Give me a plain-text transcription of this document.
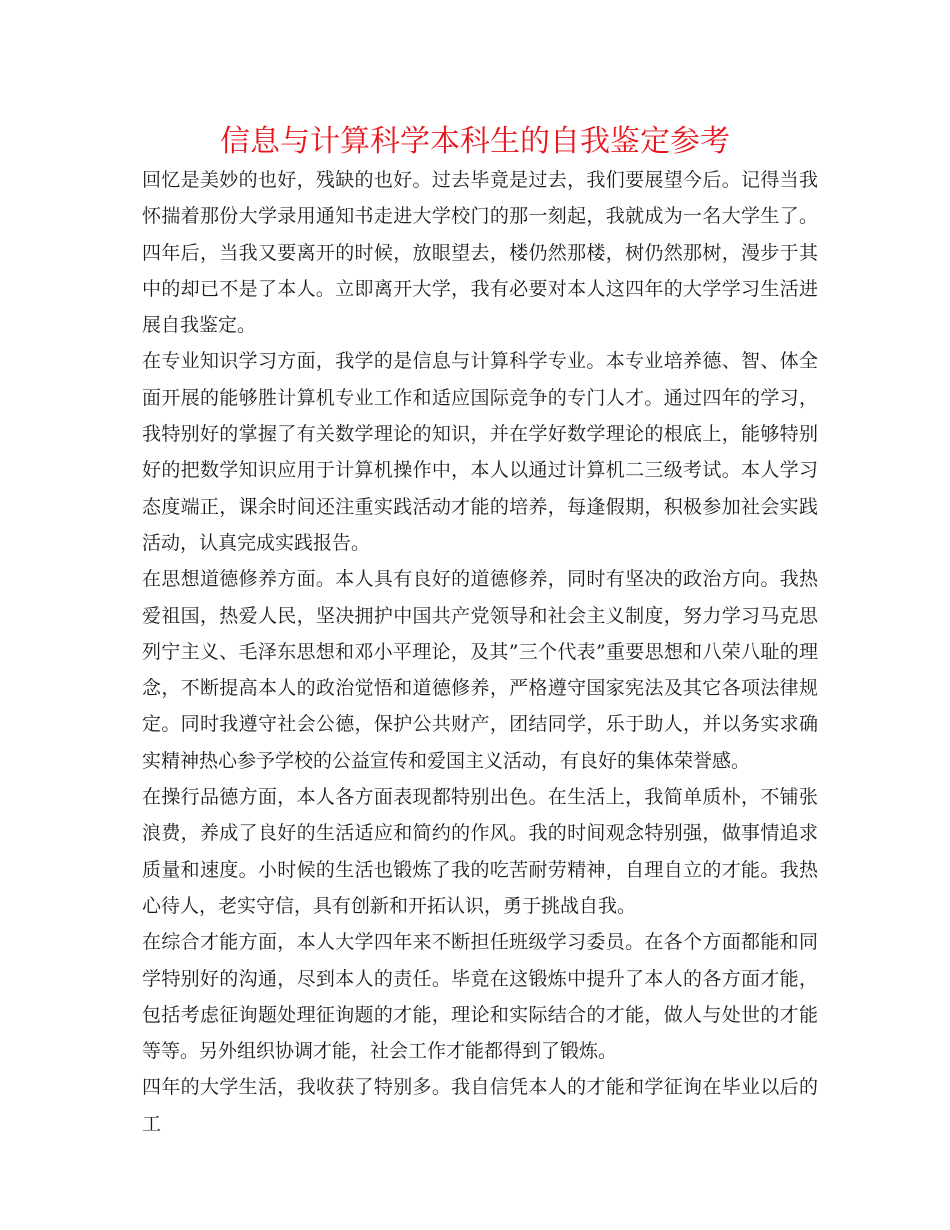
信息与计算科学本科生的自我鉴定参考

回忆是美妙的也好，残缺的也好。过去毕竟是过去，我们要展望今后。记得当我怀揣着那份大学录用通知书走进大学校门的那一刻起，我就成为一名大学生了。四年后，当我又要离开的时候，放眼望去，楼仍然那楼，树仍然那树，漫步于其中的却已不是了本人。立即离开大学，我有必要对本人这四年的大学学习生活进展自我鉴定。

在专业知识学习方面，我学的是信息与计算科学专业。本专业培养德、智、体全面开展的能够胜计算机专业工作和适应国际竞争的专门人才。通过四年的学习，我特别好的掌握了有关数学理论的知识，并在学好数学理论的根底上，能够特别好的把数学知识应用于计算机操作中，本人以通过计算机二三级考试。本人学习态度端正，课余时间还注重实践活动才能的培养，每逢假期，积极参加社会实践活动，认真完成实践报告。

在思想道德修养方面。本人具有良好的道德修养，同时有坚决的政治方向。我热爱祖国，热爱人民，坚决拥护中国共产党领导和社会主义制度，努力学习马克思列宁主义、毛泽东思想和邓小平理论，及其”三个代表”重要思想和八荣八耻的理念，不断提高本人的政治觉悟和道德修养，严格遵守国家宪法及其它各项法律规定。同时我遵守社会公德，保护公共财产，团结同学，乐于助人，并以务实求确实精神热心参予学校的公益宣传和爱国主义活动，有良好的集体荣誉感。

在操行品德方面，本人各方面表现都特别出色。在生活上，我简单质朴，不铺张浪费，养成了良好的生活适应和简约的作风。我的时间观念特别强，做事情追求质量和速度。小时候的生活也锻炼了我的吃苦耐劳精神，自理自立的才能。我热心待人，老实守信，具有创新和开拓认识，勇于挑战自我。

在综合才能方面，本人大学四年来不断担任班级学习委员。在各个方面都能和同学特别好的沟通，尽到本人的责任。毕竟在这锻炼中提升了本人的各方面才能，包括考虑征询题处理征询题的才能，理论和实际结合的才能，做人与处世的才能等等。另外组织协调才能，社会工作才能都得到了锻炼。

四年的大学生活，我收获了特别多。我自信凭本人的才能和学征询在毕业以后的工
